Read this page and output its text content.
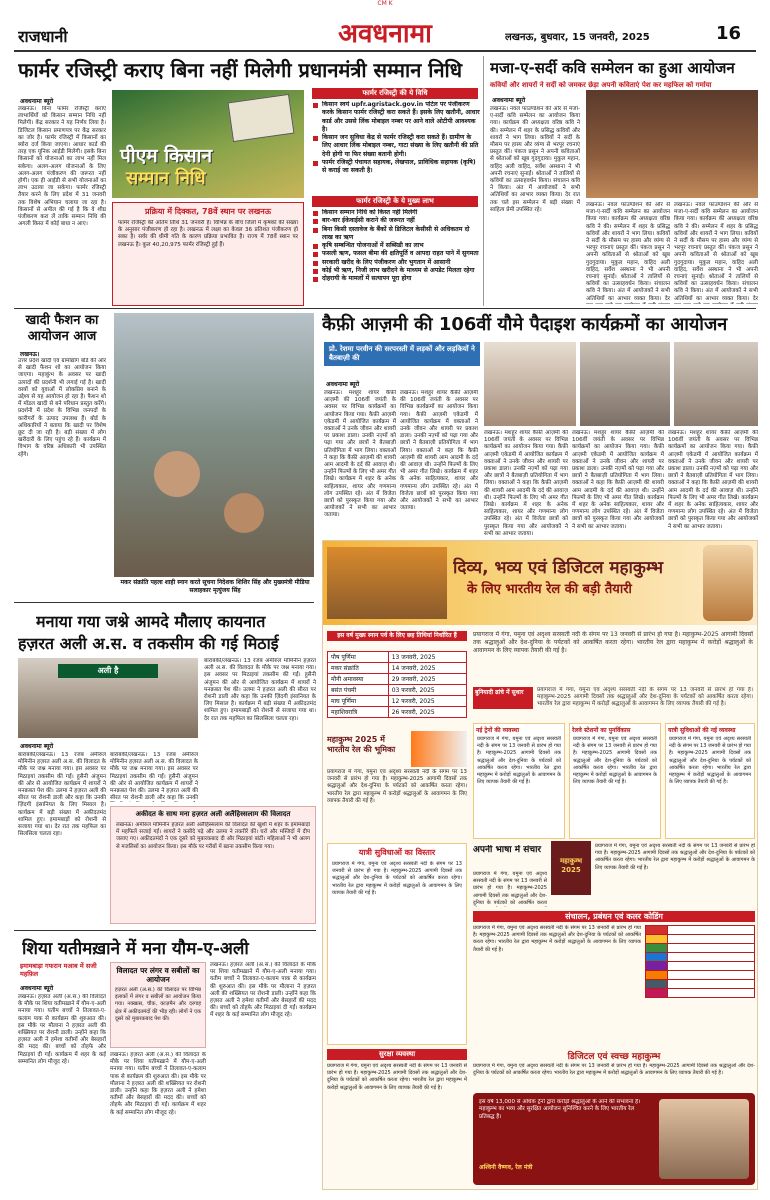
CM K
राजधानी	अवधनामा	लखनऊ, बुधवार, 15 जनवरी, 2025	16
फार्मर रजिस्ट्री कराए बिना नहीं मिलेगी प्रधानमंत्री सम्मान निधि
अवधनामा ब्यूरो
लखनऊ। बिना फार्मर रजिस्ट्री कराए लाभार्थियों को किसान सम्मान निधि नहीं मिलेगी। केंद्र सरकार ने यह निर्णय लिया है। डिजिटल किसान प्रमाणपत्र पर केंद्र सरकार का जोर है। फार्मर रजिस्ट्री में किसानों का ब्योरा दर्ज किया जाएगा। आधार कार्ड की तरह एक यूनिक आईडी मिलेगी। इसके बिना किसानों को योजनाओं का लाभ नहीं मिल सकेगा। अलग-अलग योजनाओं के लिए अलग-अलग पंजीकरण की जरूरत नहीं होगी। एक ही आईडी से सभी योजनाओं का लाभ उठाया जा सकेगा। फार्मर रजिस्ट्री तैयार करने के लिए प्रदेश में 31 जनवरी तक विशेष अभियान चलाया जा रहा है। किसानों से अपील की गई है कि वे शीघ्र पंजीकरण करा लें ताकि सम्मान निधि की अगली किस्त में कोई बाधा न आए।
पीएम किसान
सम्मान निधि
फार्मर रजिस्ट्री की ये विधि
किसान स्वयं upfr.agristack.gov.in पोर्टल पर पंजीकरण करके किसान फार्मर रजिस्ट्री करा सकते हैं। इसके लिए खतौनी, आधार कार्ड और उससे लिंक मोबाइल नम्बर पर आने वाले ओटीपी आवश्यक है।
किसान जन सुविधा केंद्र से फार्मर रजिस्ट्री करा सकते हैं। ग्रामीण के लिए आधार लिंक मोबाइल नम्बर, गाटा संख्या के लिए खतौनी की प्रति देनी होगी या फिर संख्या बतानी होगी।
फार्मर रजिस्ट्री पंचायत सहायक, लेखपाल, प्राविधिक सहायक (कृषि) से कराई जा सकती है।
फार्मर रजिस्ट्री के ये मुख्य लाभ
किसान सम्मान निधि को किस्त नहीं मिलेगी
बार-बार ईकेवाईसी कराने की जरूरत नहीं
बिना किसी दस्तावेज के बैंकों से डिजिटल केसीसी से अधिकतम दो लाख का ऋण
कृषि सम्बन्धित योजनाओं में सब्सिडी का लाभ
फसली ऋण, फसल बीमा की क्षतिपूर्ति व आपदा राहत पाने में सुगमता
सरकारी खरीद के लिए पंजीकरण और भुगतान में आसानी
कोई भी ऋण, निजी लाभ खरीदने के माध्यम से अपडेट मिलता रहेगा
दोहरायी के मामलों में सत्यापन पूरा होगा
प्रक्रिया में दिक्कत, 78वें स्थान पर लखनऊ
फार्मर रजिस्ट्री की अंतिम तिथि 31 जनवरी है। विभिन्न के बीच जिलों में कृषकों की संख्या के अनुसार पंजीकरण हो रहा है। लखनऊ में लक्ष्य का केवल 36 प्रतिशत पंजीकरण हो सका है। सर्वर की धीमी गति के कारण प्रक्रिया प्रभावित है। राज्य में 78वें स्थान पर लखनऊ है। कुल 40,20,975 फार्मर रजिस्ट्री हुई हैं।
मजा-ए-सर्दी कवि सम्मेलन का हुआ आयोजन
कवियों और शायरों ने सर्दी को जमकर छेड़ा अपनी कविताएं पेश कर महफिल को गर्माया
अवधनामा ब्यूरो
लखनऊ। नवल फाउण्डेशन की ओर से मजा-ए-सर्दी कवि सम्मेलन का आयोजन किया गया। कार्यक्रम की अध्यक्षता वरिष्ठ कवि ने की। सम्मेलन में शहर के प्रसिद्ध कवियों और शायरों ने भाग लिया। कवियों ने सर्दी के मौसम पर हास्य और व्यंग्य से भरपूर रचनाएं प्रस्तुत कीं। पंकज प्रसून ने अपनी कविताओं से श्रोताओं को खूब गुदगुदाया। मुकुल महान, वाहिद अली वाहिद, सर्वेश अस्थाना ने भी अपनी रचनाएं सुनाईं। श्रोताओं ने तालियों से कवियों का उत्साहवर्धन किया। संचालन कवि ने किया। अंत में आयोजकों ने सभी अतिथियों का आभार व्यक्त किया। देर रात तक चले इस सम्मेलन में बड़ी संख्या में साहित्य प्रेमी उपस्थित रहे।
लखनऊ। नवल फाउण्डेशन की ओर से मजा-ए-सर्दी कवि सम्मेलन का आयोजन किया गया। कार्यक्रम की अध्यक्षता वरिष्ठ कवि ने की। सम्मेलन में शहर के प्रसिद्ध कवियों और शायरों ने भाग लिया। कवियों ने सर्दी के मौसम पर हास्य और व्यंग्य से भरपूर रचनाएं प्रस्तुत कीं। पंकज प्रसून ने अपनी कविताओं से श्रोताओं को खूब गुदगुदाया। मुकुल महान, वाहिद अली वाहिद, सर्वेश अस्थाना ने भी अपनी रचनाएं सुनाईं। श्रोताओं ने तालियों से कवियों का उत्साहवर्धन किया। संचालन कवि ने किया। अंत में आयोजकों ने सभी अतिथियों का आभार व्यक्त किया। देर
लखनऊ। नवल फाउण्डेशन की ओर से मजा-ए-सर्दी कवि सम्मेलन का आयोजन किया गया। कार्यक्रम की अध्यक्षता वरिष्ठ कवि ने की। सम्मेलन में शहर के प्रसिद्ध कवियों और शायरों ने भाग लिया। कवियों ने सर्दी के मौसम पर हास्य और व्यंग्य से भरपूर रचनाएं प्रस्तुत कीं। पंकज प्रसून ने अपनी कविताओं से श्रोताओं को खूब गुदगुदाया। मुकुल महान, वाहिद अली वाहिद, सर्वेश अस्थाना ने भी अपनी रचनाएं सुनाईं। श्रोताओं ने तालियों से कवियों का उत्साहवर्धन किया। संचालन कवि ने किया। अंत में आयोजकों ने सभी अतिथियों का आभार व्यक्त किया। देर
खादी फैशन का आयोजन आज
लखनऊ।
उत्तर प्रदेश खादी एवं ग्रामोद्योग बोर्ड की ओर से खादी फैशन शो का आयोजन किया जाएगा। महाकुंभ के अवसर पर खादी उत्पादों की प्रदर्शनी भी लगाई गई है। खादी वस्त्रों को युवाओं में लोकप्रिय बनाने के उद्देश्य से यह आयोजन हो रहा है। फैशन शो में मॉडल खादी से बने परिधान प्रस्तुत करेंगे। प्रदर्शनी में प्रदेश के विभिन्न जनपदों के कारीगरों के उत्पाद उपलब्ध हैं। बोर्ड के अधिकारियों ने बताया कि खादी पर विशेष छूट दी जा रही है। बड़ी संख्या में लोग खरीदारी के लिए पहुंच रहे हैं। कार्यक्रम में विभाग के वरिष्ठ अधिकारी भी उपस्थित रहेंगे।
मकर संक्रांति पहला शाही स्नान करते सूचना निदेशक शिशिर सिंह और मुख्यमंत्री मीडिया सलाहकार मृत्युंजय सिंह
कैफ़ी आज़मी की 106वीं यौमे पैदाइश कार्यक्रमों का आयोजन
प्रो. रेशमा परवीन की सरपरस्ती में लड़कों और लड़कियों ने बैतबाज़ी की
अवधनामा ब्यूरो
लखनऊ। मशहूर शायर कैफ़ी आज़मी की 106वीं जयंती के अवसर पर विभिन्न कार्यक्रमों का आयोजन किया गया। कैफ़ी आज़मी एकेडमी में आयोजित कार्यक्रम में वक्ताओं ने उनके जीवन और शायरी पर प्रकाश डाला। उनकी नज़्मों को पढ़ा गया और छात्रों ने बैतबाज़ी प्रतियोगिता में भाग लिया। वक्ताओं ने कहा कि कैफ़ी आज़मी की शायरी आम आदमी के दर्द की आवाज़ थी। उन्होंने फिल्मों के लिए भी अमर गीत लिखे। कार्यक्रम में शहर के अनेक साहित्यकार, शायर और गणमान्य लोग उपस्थित रहे। अंत में विजेता छात्रों को पुरस्कृत किया गया और आयोजकों ने सभी का आभार जताया।
लखनऊ। मशहूर शायर कैफ़ी आज़मी की 106वीं जयंती के अवसर पर विभिन्न कार्यक्रमों का आयोजन किया गया। कैफ़ी आज़मी एकेडमी में आयोजित कार्यक्रम में वक्ताओं ने उनके जीवन और शायरी पर प्रकाश डाला। उनकी नज़्मों को पढ़ा गया और छात्रों ने बैतबाज़ी प्रतियोगिता में भाग लिया। वक्ताओं ने कहा कि कैफ़ी आज़मी की शायरी आम आदमी के दर्द की आवाज़ थी। उन्होंने फिल्मों के लिए भी अमर गीत लिखे। कार्यक्रम में शहर के अनेक साहित्यकार, शायर और गणमान्य लोग उपस्थित रहे। अंत में विजेता छात्रों को पुरस्कृत किया गया और आयोजकों ने सभी का आभार जताया।
लखनऊ। मशहूर शायर कैफ़ी आज़मी की 106वीं जयंती के अवसर पर विभिन्न कार्यक्रमों का आयोजन किया गया। कैफ़ी आज़मी एकेडमी में आयोजित कार्यक्रम में वक्ताओं ने उनके जीवन और शायरी पर प्रकाश डाला। उनकी नज़्मों को पढ़ा गया और छात्रों ने बैतबाज़ी प्रतियोगिता में भाग लिया। वक्ताओं ने कहा कि कैफ़ी आज़मी की शायरी आम आदमी के दर्द की आवाज़ थी। उन्होंने फिल्मों के लिए भी अमर गीत लिखे। कार्यक्रम में शहर के अनेक साहित्यकार, शायर और गणमान्य लोग उपस्थित रहे। अंत में विजेता छात्रों को पुरस्कृत किया गया और आयोजकों ने सभी का आभार जताया।
लखनऊ। मशहूर शायर कैफ़ी आज़मी की 106वीं जयंती के अवसर पर विभिन्न कार्यक्रमों का आयोजन किया गया। कैफ़ी आज़मी एकेडमी में आयोजित कार्यक्रम में वक्ताओं ने उनके जीवन और शायरी पर प्रकाश डाला। उनकी नज़्मों को पढ़ा गया और छात्रों ने बैतबाज़ी प्रतियोगिता में भाग लिया। वक्ताओं ने कहा कि कैफ़ी आज़मी की शायरी आम आदमी के दर्द की आवाज़ थी। उन्होंने फिल्मों के लिए भी अमर गीत लिखे। कार्यक्रम में शहर के अनेक साहित्यकार, शायर और गणमान्य लोग उपस्थित रहे। अंत में विजेता छात्रों को पुरस्कृत किया गया और आयोजकों ने सभी का आभार जताया।
लखनऊ। मशहूर शायर कैफ़ी आज़मी की 106वीं जयंती के अवसर पर विभिन्न कार्यक्रमों का आयोजन किया गया। कैफ़ी आज़मी एकेडमी में आयोजित कार्यक्रम में वक्ताओं ने उनके जीवन और शायरी पर प्रकाश डाला। उनकी नज़्मों को पढ़ा गया और छात्रों ने बैतबाज़ी प्रतियोगिता में भाग लिया। वक्ताओं ने कहा कि कैफ़ी आज़मी की शायरी आम आदमी के दर्द की आवाज़ थी। उन्होंने फिल्मों के लिए भी अमर गीत लिखे। कार्यक्रम में शहर के अनेक साहित्यकार, शायर और गणमान्य लोग उपस्थित रहे। अंत में विजेता छात्रों को पुरस्कृत किया गया और आयोजकों ने सभी का आभार जताया।
दिव्य, भव्य एवं डिजिटल महाकुम्भ
के लिए भारतीय रेल की बड़ी तैयारी
इस वर्ष मुख्य स्नान पर्व के लिए छह तिथियां निर्धारित हैं
पौष पूर्णिमा	13 जनवरी, 2025
मकर संक्रांति	14 जनवरी, 2025
मौनी अमावस्या	29 जनवरी, 2025
बसंत पंचमी	03 फरवरी, 2025
माघ पूर्णिमा	12 फरवरी, 2025
महाशिवरात्रि	26 फरवरी, 2025
प्रयागराज में गंगा, यमुना एवं अदृश्य सरस्वती नदी के संगम पर 13 जनवरी से प्रारंभ हो गया है। महाकुम्भ-2025 आगामी दिवसों तक श्रद्धालुओं और देश-दुनिया के पर्यटकों को आकर्षित करता रहेगा। भारतीय रेल द्वारा महाकुम्भ में करोड़ों श्रद्धालुओं के आवागमन के लिए व्यापक तैयारी की गई है।
बुनियादी ढांचे में सुधार	प्रयागराज में गंगा, यमुना एवं अदृश्य सरस्वती नदी के संगम पर 13 जनवरी से प्रारंभ हो गया है। महाकुम्भ-2025 आगामी दिवसों तक श्रद्धालुओं और देश-दुनिया के पर्यटकों को आकर्षित करता रहेगा। भारतीय रेल द्वारा महाकुम्भ में करोड़ों श्रद्धालुओं के आवागमन के लिए व्यापक तैयारी की गई है।
महाकुम्भ 2025 में भारतीय रेल की भूमिका
प्रयागराज में गंगा, यमुना एवं अदृश्य सरस्वती नदी के संगम पर 13 जनवरी से प्रारंभ हो गया है। महाकुम्भ-2025 आगामी दिवसों तक श्रद्धालुओं और देश-दुनिया के पर्यटकों को आकर्षित करता रहेगा। भारतीय रेल द्वारा महाकुम्भ में करोड़ों श्रद्धालुओं के आवागमन के लिए व्यापक तैयारी की गई है।
नई ट्रेनों की व्यवस्था
प्रयागराज में गंगा, यमुना एवं अदृश्य सरस्वती नदी के संगम पर 13 जनवरी से प्रारंभ हो गया है। महाकुम्भ-2025 आगामी दिवसों तक श्रद्धालुओं और देश-दुनिया के पर्यटकों को आकर्षित करता रहेगा। भारतीय रेल द्वारा महाकुम्भ में करोड़ों श्रद्धालुओं के आवागमन के लिए व्यापक तैयारी की गई है।
रेलवे स्टेशनों का पुनर्विकास
प्रयागराज में गंगा, यमुना एवं अदृश्य सरस्वती नदी के संगम पर 13 जनवरी से प्रारंभ हो गया है। महाकुम्भ-2025 आगामी दिवसों तक श्रद्धालुओं और देश-दुनिया के पर्यटकों को आकर्षित करता रहेगा। भारतीय रेल द्वारा महाकुम्भ में करोड़ों श्रद्धालुओं के आवागमन के लिए व्यापक तैयारी की गई है।
यात्री सुविधाओं की नई व्यवस्था
प्रयागराज में गंगा, यमुना एवं अदृश्य सरस्वती नदी के संगम पर 13 जनवरी से प्रारंभ हो गया है। महाकुम्भ-2025 आगामी दिवसों तक श्रद्धालुओं और देश-दुनिया के पर्यटकों को आकर्षित करता रहेगा। भारतीय रेल द्वारा महाकुम्भ में करोड़ों श्रद्धालुओं के आवागमन के लिए व्यापक तैयारी की गई है।
अपनी भाषा में संचार
महाकुम्भ 2025
प्रयागराज में गंगा, यमुना एवं अदृश्य सरस्वती नदी के संगम पर 13 जनवरी से प्रारंभ हो गया है। महाकुम्भ-2025 आगामी दिवसों तक श्रद्धालुओं और देश-दुनिया के पर्यटकों को आकर्षित करता
प्रयागराज में गंगा, यमुना एवं अदृश्य सरस्वती नदी के संगम पर 13 जनवरी से प्रारंभ हो गया है। महाकुम्भ-2025 आगामी दिवसों तक श्रद्धालुओं और देश-दुनिया के पर्यटकों को आकर्षित करता रहेगा। भारतीय रेल द्वारा महाकुम्भ में करोड़ों श्रद्धालुओं के आवागमन के लिए व्यापक तैयारी की गई है।
संचालन, प्रबंधन एवं कलर कोडिंग
प्रयागराज में गंगा, यमुना एवं अदृश्य सरस्वती नदी के संगम पर 13 जनवरी से प्रारंभ हो गया है। महाकुम्भ-2025 आगामी दिवसों तक श्रद्धालुओं और देश-दुनिया के पर्यटकों को आकर्षित करता रहेगा। भारतीय रेल द्वारा महाकुम्भ में करोड़ों श्रद्धालुओं के आवागमन के लिए व्यापक तैयारी की गई है।

यात्री सुविधाओं का विस्तार
प्रयागराज में गंगा, यमुना एवं अदृश्य सरस्वती नदी के संगम पर 13 जनवरी से प्रारंभ हो गया है। महाकुम्भ-2025 आगामी दिवसों तक श्रद्धालुओं और देश-दुनिया के पर्यटकों को आकर्षित करता रहेगा। भारतीय रेल द्वारा महाकुम्भ में करोड़ों श्रद्धालुओं के आवागमन के लिए व्यापक तैयारी की गई है।
डिजिटल एवं स्वच्छ महाकुम्भ
प्रयागराज में गंगा, यमुना एवं अदृश्य सरस्वती नदी के संगम पर 13 जनवरी से प्रारंभ हो गया है। महाकुम्भ-2025 आगामी दिवसों तक श्रद्धालुओं और देश-दुनिया के पर्यटकों को आकर्षित करता रहेगा। भारतीय रेल द्वारा महाकुम्भ में करोड़ों श्रद्धालुओं के आवागमन के लिए व्यापक तैयारी की गई है।
सुरक्षा व्यवस्था
प्रयागराज में गंगा, यमुना एवं अदृश्य सरस्वती नदी के संगम पर 13 जनवरी से प्रारंभ हो गया है। महाकुम्भ-2025 आगामी दिवसों तक श्रद्धालुओं और देश-दुनिया के पर्यटकों को आकर्षित करता रहेगा। भारतीय रेल द्वारा महाकुम्भ में करोड़ों श्रद्धालुओं के आवागमन के लिए व्यापक तैयारी की गई है।
इस वर्ष 13,000 से अधिक ट्रेनों द्वारा करोड़ों श्रद्धालुओं के आने की संभावना है। महाकुम्भ का भव्य और सुरक्षित आयोजन सुनिश्चित करने के लिए भारतीय रेल प्रतिबद्ध है।
अश्विनी वैष्णव, रेल मंत्री
मनाया गया जश्ने आमदे मौलाए कायनात
हज़रत अली अ.स. व तकसीम की गई मिठाई
अली है
अवधनामा ब्यूरो
बाराबंकी/लखनऊ। 13 रजब अमीरुल मोमिनीन हज़रत अली अ.स. की विलादत के मौके पर जश्न मनाया गया। इस अवसर पर मिठाइयां तकसीम की गईं। हुसैनी अंजुमन की ओर से आयोजित कार्यक्रम में शायरों ने मनक़बत पेश की। उलमा ने हज़रत अली की सीरत पर रोशनी डाली और कहा कि उनकी ज़िंदगी इंसानियत के लिए मिसाल है। कार्यक्रम में बड़ी संख्या में अकीदतमंद शामिल हुए। इमामबाड़ों को रोशनी से सजाया गया था। देर रात तक महफिल का सिलसिला चलता रहा।
बाराबंकी/लखनऊ। 13 रजब अमीरुल मोमिनीन हज़रत अली अ.स. की विलादत के मौके पर जश्न मनाया गया। इस अवसर पर मिठाइयां तकसीम की गईं। हुसैनी अंजुमन की ओर से आयोजित कार्यक्रम में शायरों ने मनक़बत पेश की। उलमा ने हज़रत अली की सीरत पर रोशनी डाली और कहा कि उनकी
बाराबंकी/लखनऊ। 13 रजब अमीरुल मोमिनीन हज़रत अली अ.स. की विलादत के मौके पर जश्न मनाया गया। इस अवसर पर मिठाइयां तकसीम की गईं। हुसैनी अंजुमन की ओर से आयोजित कार्यक्रम में शायरों ने मनक़बत पेश की। उलमा ने हज़रत अली की सीरत पर रोशनी डाली और कहा कि उनकी ज़िंदगी इंसानियत के लिए मिसाल है। कार्यक्रम में बड़ी संख्या में अकीदतमंद शामिल हुए। इमामबाड़ों को रोशनी से सजाया गया था। देर रात तक महफिल का सिलसिला चलता रहा।
अकीदत के साथ मना हज़रत अली अलैहिस्सलाम की विलादत
लखनऊ। अमीरुल मोमिनीन हज़रत अली अलैहिस्सलाम की विलादत की खुशी में शहर के इमामबाड़ों में महफिलें सजाई गईं। शायरों ने कसीदे पढ़े और उलमा ने तकरीरें कीं। घरों और मस्जिदों में दीप जलाए गए। अकीदतमंदों ने एक दूसरे को मुबारकबाद दी और मिठाइयां बांटीं। महिलाओं ने भी अलग से मजलिसों का आयोजन किया। इस मौके पर गरीबों में खाना तकसीम किया गया।
शिया यतीमख़ाने में मना यौम-ए-अली
इमामबाड़ा गफरान मआब में सजी महफ़िल
अवधनामा ब्यूरो
लखनऊ। हज़रत अली (अ.स.) की विलादत के मौके पर शिया यतीमख़ाने में यौम-ए-अली मनाया गया। यतीम बच्चों ने तिलावत-ए-कलाम पाक से कार्यक्रम की शुरुआत की। इस मौके पर मौलाना ने हज़रत अली की शख्सियत पर रोशनी डाली। उन्होंने कहा कि हज़रत अली ने हमेशा यतीमों और बेसहारों की मदद की। बच्चों को तोहफे और मिठाइयां दी गईं। कार्यक्रम में शहर के कई सम्मानित लोग मौजूद रहे।
विलादत पर लंगर व सबीलों का आयोजन
हज़रत अली (अ.स.) की विलादत पर विभिन्न इलाकों में लंगर व सबीलों का आयोजन किया गया। नक्खास, चौक, काज़मैन और दरगाह क्षेत्र में अकीदतमंदों की भीड़ रही। लोगों ने एक दूसरे को मुबारकबाद पेश की।
लखनऊ। हज़रत अली (अ.स.) की विलादत के मौके पर शिया यतीमख़ाने में यौम-ए-अली मनाया गया। यतीम बच्चों ने तिलावत-ए-कलाम पाक से कार्यक्रम की शुरुआत की। इस मौके पर मौलाना ने हज़रत अली की शख्सियत पर रोशनी डाली। उन्होंने कहा कि हज़रत अली ने हमेशा यतीमों और बेसहारों की मदद की। बच्चों को तोहफे और मिठाइयां दी गईं। कार्यक्रम में शहर के कई सम्मानित लोग मौजूद रहे।
लखनऊ। हज़रत अली (अ.स.) की विलादत के मौके पर शिया यतीमख़ाने में यौम-ए-अली मनाया गया। यतीम बच्चों ने तिलावत-ए-कलाम पाक से कार्यक्रम की शुरुआत की। इस मौके पर मौलाना ने हज़रत अली की शख्सियत पर रोशनी डाली। उन्होंने कहा कि हज़रत अली ने हमेशा यतीमों और बेसहारों की मदद की। बच्चों को तोहफे और मिठाइयां दी गईं। कार्यक्रम में शहर के कई सम्मानित लोग मौजूद रहे।
